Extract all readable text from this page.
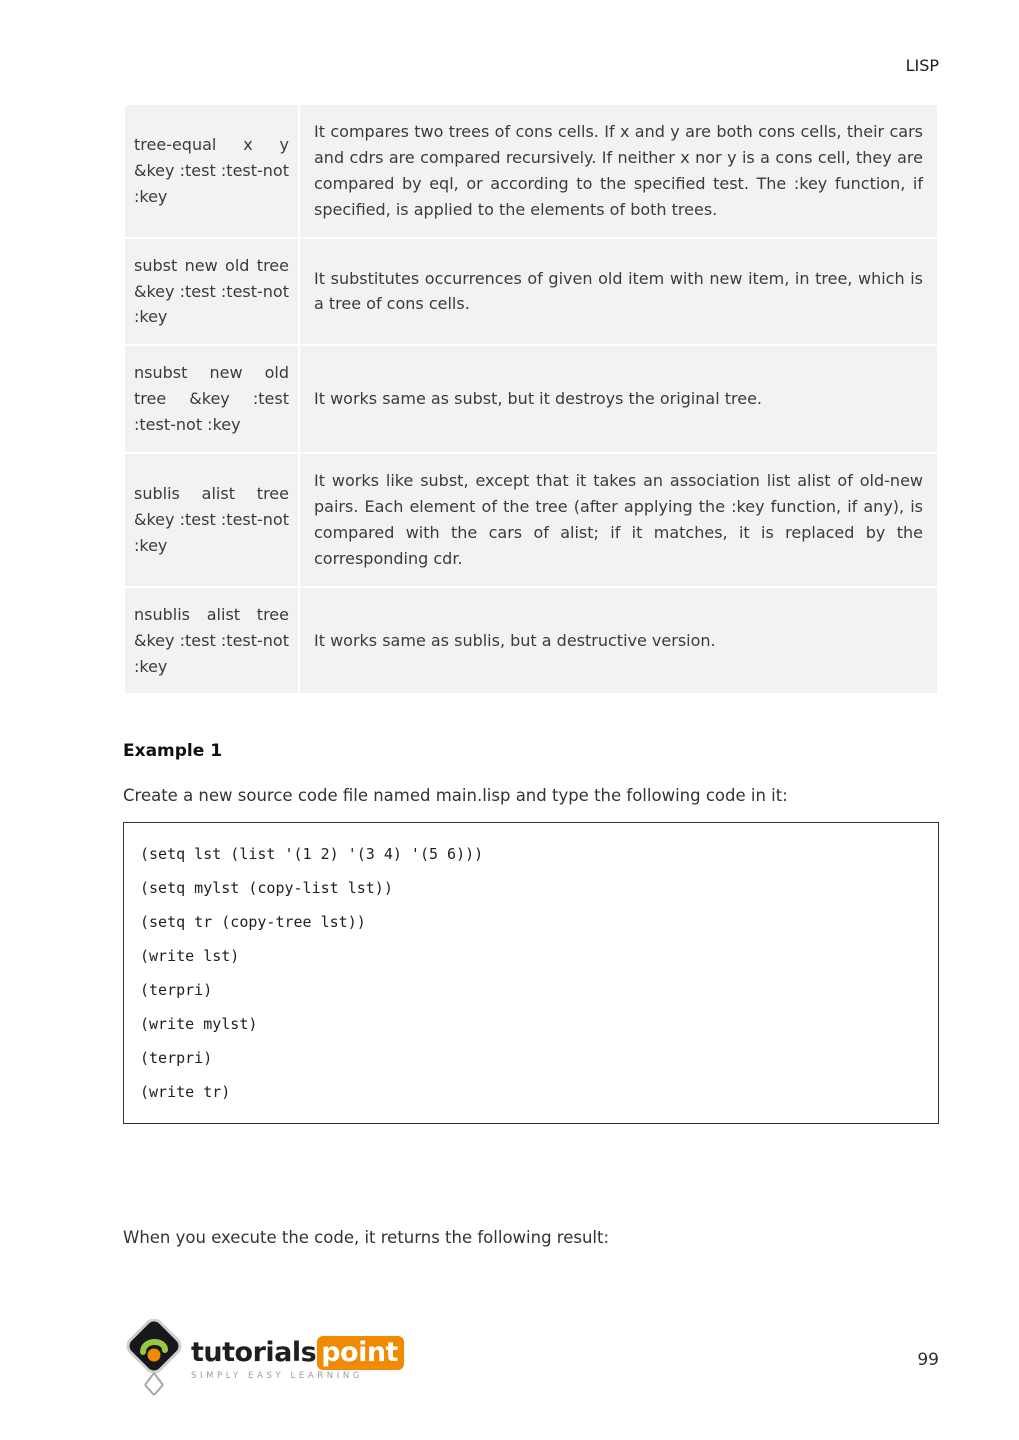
LISP
tree-equal x y &key :test :test-not :key	It compares two trees of cons cells. If x and y are both cons cells, their cars and cdrs are compared recursively. If neither x nor y is a cons cell, they are compared by eql, or according to the specified test. The :key function, if specified, is applied to the elements of both trees.
subst new old tree &key :test :test-not :key	It substitutes occurrences of given old item with new item, in tree, which is a tree of cons cells.
nsubst new old tree &key :test :test-not :key	It works same as subst, but it destroys the original tree.
sublis alist tree &key :test :test-not :key	It works like subst, except that it takes an association list alist of old-new pairs. Each element of the tree (after applying the :key function, if any), is compared with the cars of alist; if it matches, it is replaced by the corresponding cdr.
nsublis alist tree &key :test :test-not :key	It works same as sublis, but a destructive version.
Example 1
Create a new source code file named main.lisp and type the following code in it:
(setq lst (list '(1 2) '(3 4) '(5 6)))
(setq mylst (copy-list lst))
(setq tr (copy-tree lst))
(write lst)
(terpri)
(write mylst)
(terpri)
(write tr)
When you execute the code, it returns the following result:
tutorials point
SIMPLY EASY LEARNING
99
